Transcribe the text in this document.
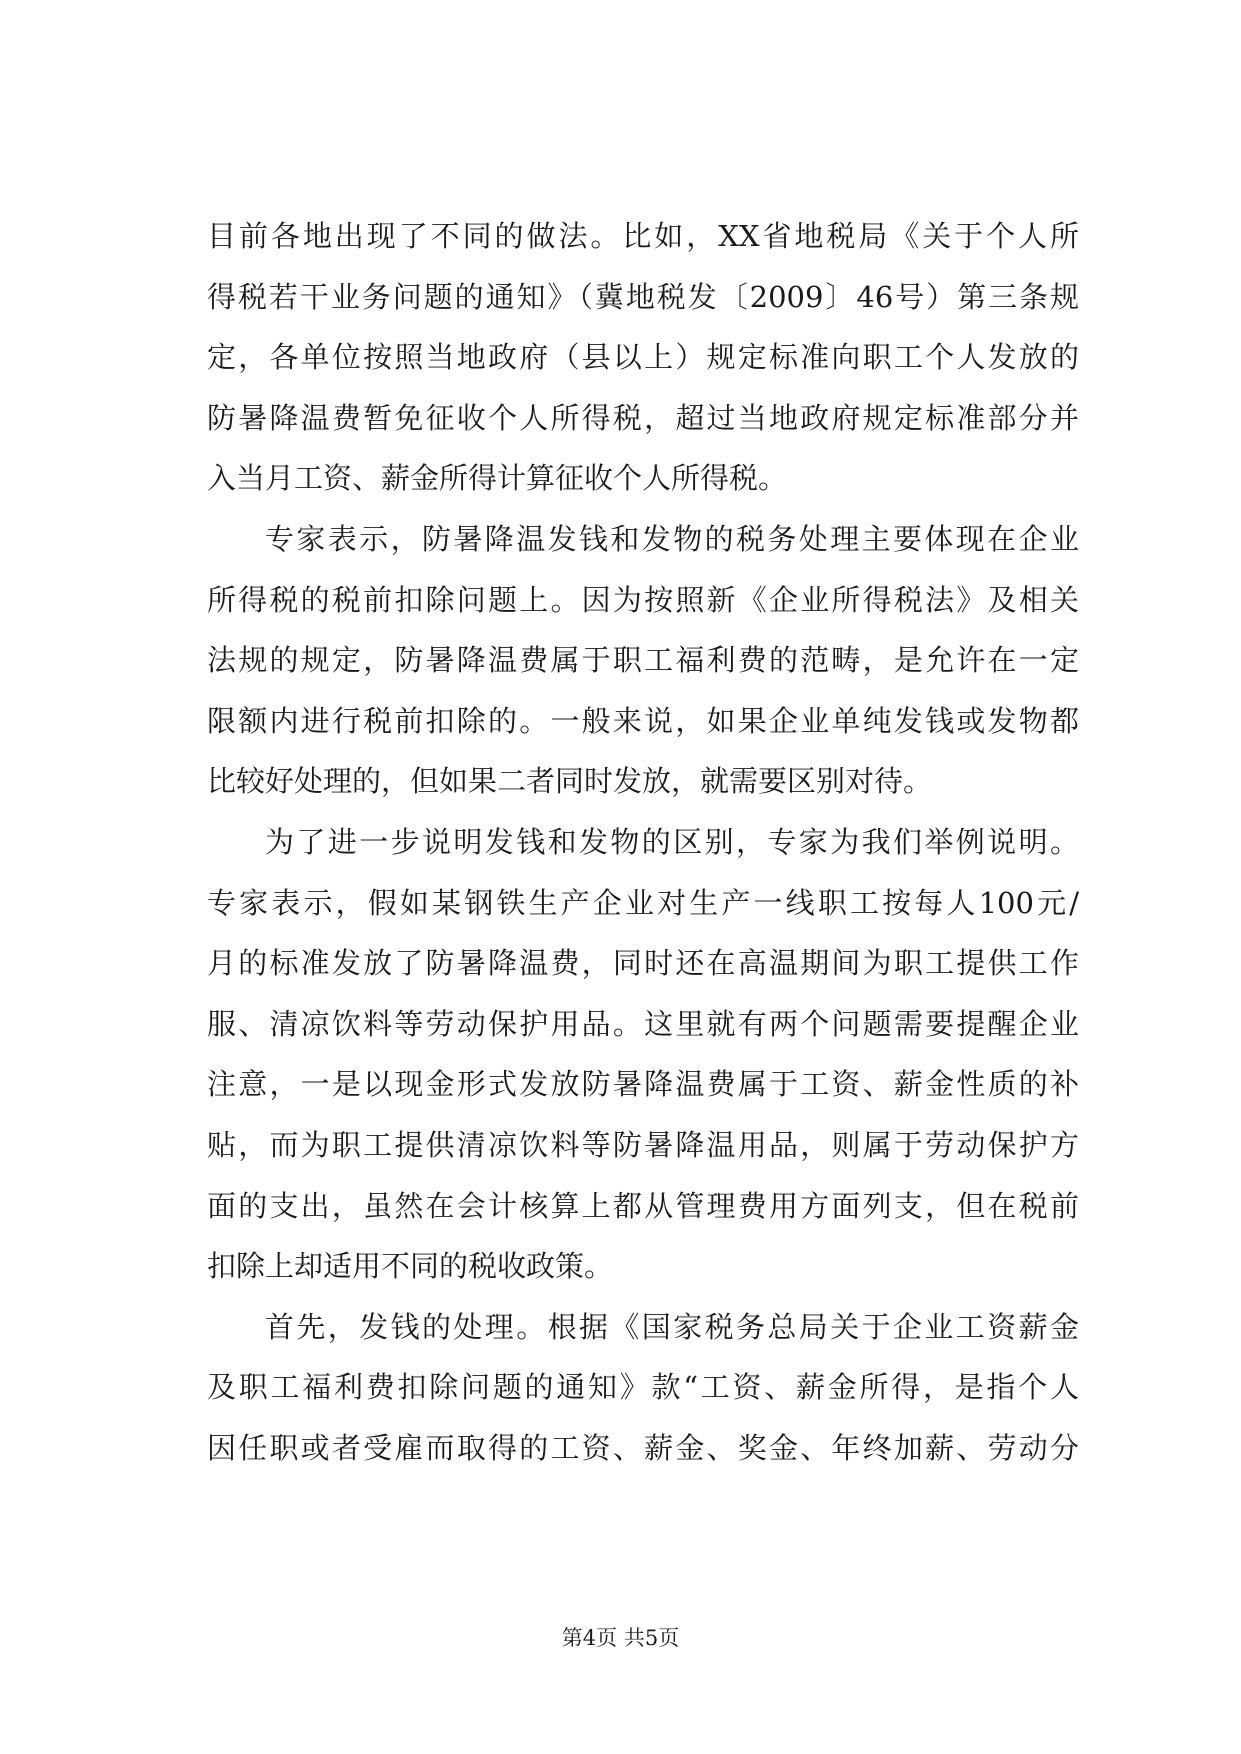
目前各地出现了不同的做法。比如，XX省地税局《关于个人所
得税若干业务问题的通知》（冀地税发〔2009〕46号）第三条规
定，各单位按照当地政府（县以上）规定标准向职工个人发放的
防暑降温费暂免征收个人所得税，超过当地政府规定标准部分并
入当月工资、薪金所得计算征收个人所得税。
专家表示，防暑降温发钱和发物的税务处理主要体现在企业
所得税的税前扣除问题上。因为按照新《企业所得税法》及相关
法规的规定，防暑降温费属于职工福利费的范畴，是允许在一定
限额内进行税前扣除的。一般来说，如果企业单纯发钱或发物都
比较好处理的，但如果二者同时发放，就需要区别对待。
为了进一步说明发钱和发物的区别，专家为我们举例说明。
专家表示，假如某钢铁生产企业对生产一线职工按每人100元/
月的标准发放了防暑降温费，同时还在高温期间为职工提供工作
服、清凉饮料等劳动保护用品。这里就有两个问题需要提醒企业
注意，一是以现金形式发放防暑降温费属于工资、薪金性质的补
贴，而为职工提供清凉饮料等防暑降温用品，则属于劳动保护方
面的支出，虽然在会计核算上都从管理费用方面列支，但在税前
扣除上却适用不同的税收政策。
首先，发钱的处理。根据《国家税务总局关于企业工资薪金
及职工福利费扣除问题的通知》款“工资、薪金所得，是指个人
因任职或者受雇而取得的工资、薪金、奖金、年终加薪、劳动分
第4页 共5页
